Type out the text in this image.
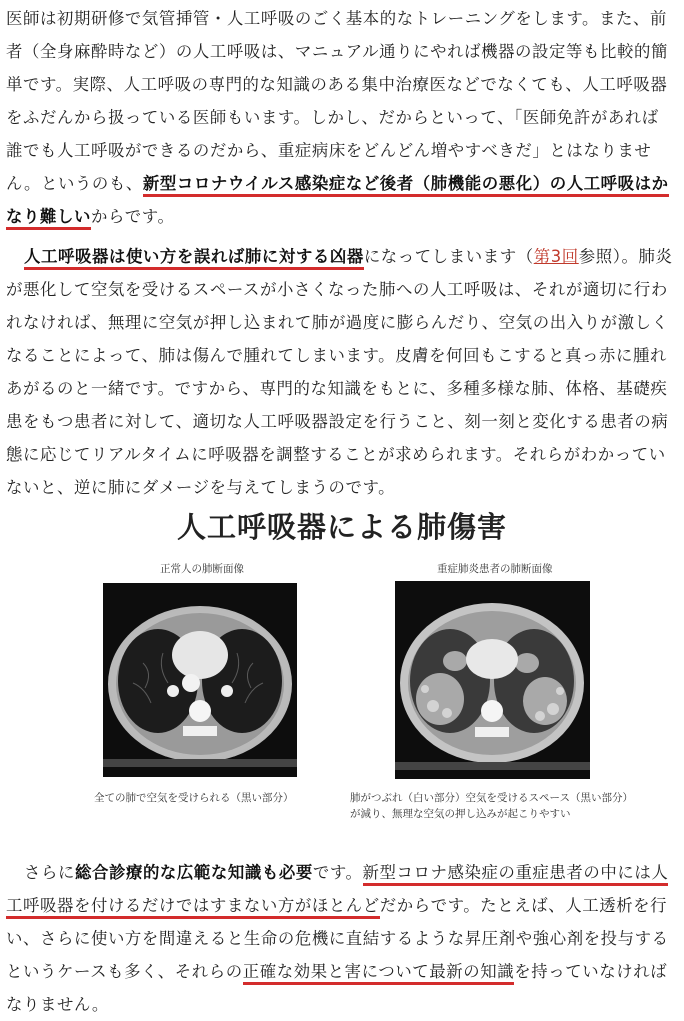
医師は初期研修で気管挿管・人工呼吸のごく基本的なトレーニングをします。また、前者（全身麻酔時など）の人工呼吸は、マニュアル通りにやれば機器の設定等も比較的簡単です。実際、人工呼吸の専門的な知識のある集中治療医などでなくても、人工呼吸器をふだんから扱っている医師もいます。しかし、だからといって、「医師免許があれば誰でも人工呼吸ができるのだから、重症病床をどんどん増やすべきだ」とはなりません。というのも、新型コロナウイルス感染症など後者（肺機能の悪化）の人工呼吸はかなり難しいからです。

人工呼吸器は使い方を誤れば肺に対する凶器になってしまいます（第3回参照）。肺炎が悪化して空気を受けるスペースが小さくなった肺への人工呼吸は、それが適切に行われなければ、無理に空気が押し込まれて肺が過度に膨らんだり、空気の出入りが激しくなることによって、肺は傷んで腫れてしまいます。皮膚を何回もこすると真っ赤に腫れあがるのと一緒です。ですから、専門的な知識をもとに、多種多様な肺、体格、基礎疾患をもつ患者に対して、適切な人工呼吸器設定を行うこと、刻一刻と変化する患者の病態に応じてリアルタイムに呼吸器を調整することが求められます。それらがわかっていないと、逆に肺にダメージを与えてしまうのです。

人工呼吸器による肺傷害

正常人の肺断面像	重症肺炎患者の肺断面像

全ての肺で空気を受けられる（黒い部分）	肺がつぶれ（白い部分）空気を受けるスペース（黒い部分）が減り、無理な空気の押し込みが起こりやすい

さらに総合診療的な広範な知識も必要です。新型コロナ感染症の重症患者の中には人工呼吸器を付けるだけではすまない方がほとんどだからです。たとえば、人工透析を行い、さらに使い方を間違えると生命の危機に直結するような昇圧剤や強心剤を投与するというケースも多く、それらの正確な効果と害について最新の知識を持っていなければなりません。
